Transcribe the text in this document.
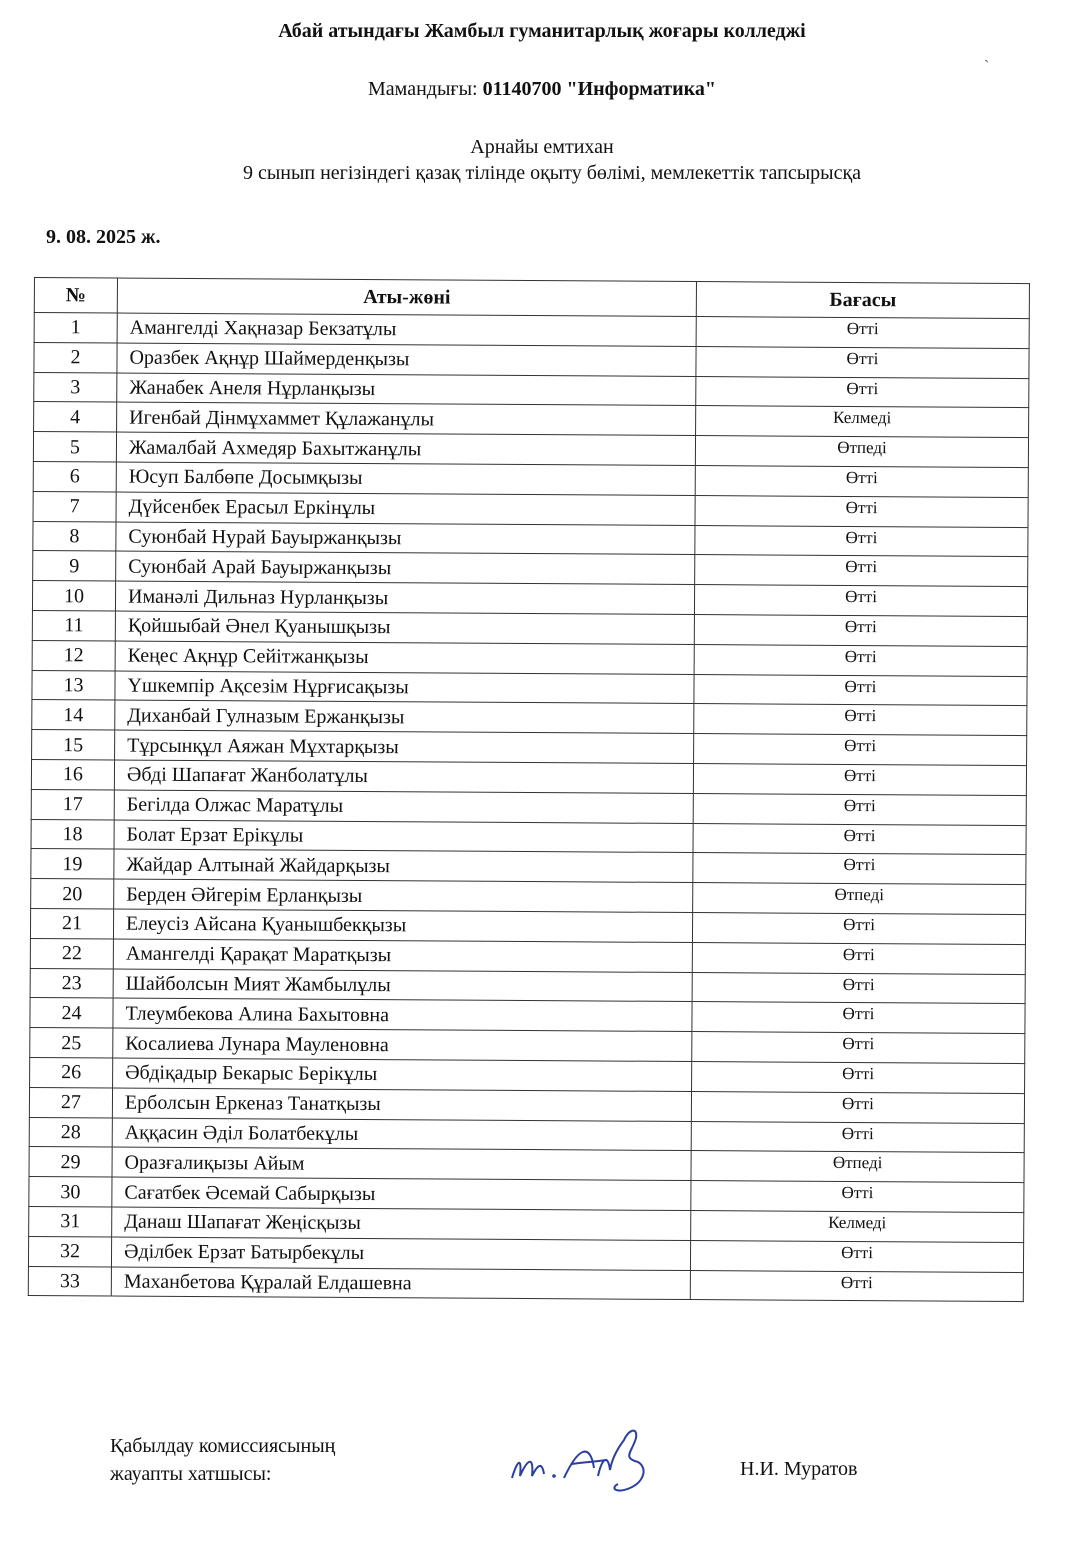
Абай атындағы Жамбыл гуманитарлық жоғары колледжі
`
Мамандығы: 01140700 "Информатика"
Арнайы емтихан
9 сынып негізіндегі қазақ тілінде оқыту бөлімі, мемлекеттік тапсырысқа
9. 08. 2025 ж.
№	Аты-жөні	Бағасы
1	Амангелді Хақназар Бекзатұлы	Өтті
2	Оразбек Ақнұр Шаймерденқызы	Өтті
3	Жанабек Анеля Нұрланқызы	Өтті
4	Игенбай Дінмұхаммет Құлажанұлы	Келмеді
5	Жамалбай Ахмедяр Бахытжанұлы	Өтпеді
6	Юсуп Балбөпе Досымқызы	Өтті
7	Дүйсенбек Ерасыл Еркінұлы	Өтті
8	Суюнбай Нурай Бауыржанқызы	Өтті
9	Суюнбай Арай Бауыржанқызы	Өтті
10	Иманәлі Дильназ Нурланқызы	Өтті
11	Қойшыбай Әнел Қуанышқызы	Өтті
12	Кеңес Ақнұр Сейітжанқызы	Өтті
13	Үшкемпір Ақсезім Нұрғисақызы	Өтті
14	Диханбай Гулназым Ержанқызы	Өтті
15	Тұрсынқұл Аяжан Мұхтарқызы	Өтті
16	Әбді Шапағат Жанболатұлы	Өтті
17	Бегілда Олжас Маратұлы	Өтті
18	Болат Ерзат Ерікұлы	Өтті
19	Жайдар Алтынай Жайдарқызы	Өтті
20	Берден Әйгерім Ерланқызы	Өтпеді
21	Елеусіз Айсана Қуанышбекқызы	Өтті
22	Амангелді Қарақат Маратқызы	Өтті
23	Шайболсын Мият Жамбылұлы	Өтті
24	Тлеумбекова Алина Бахытовна	Өтті
25	Косалиева Лунара Мауленовна	Өтті
26	Әбдіқадыр Бекарыс Берікұлы	Өтті
27	Ерболсын Еркеназ Танатқызы	Өтті
28	Аққасин Әділ Болатбекұлы	Өтті
29	Оразғалиқызы Айым	Өтпеді
30	Сағатбек Әсемай Сабырқызы	Өтті
31	Данаш Шапағат Жеңісқызы	Келмеді
32	Әділбек Ерзат Батырбекұлы	Өтті
33	Маханбетова Құралай Елдашевна	Өтті
Қабылдау комиссиясының
жауапты хатшысы:	Н.И. Муратов
